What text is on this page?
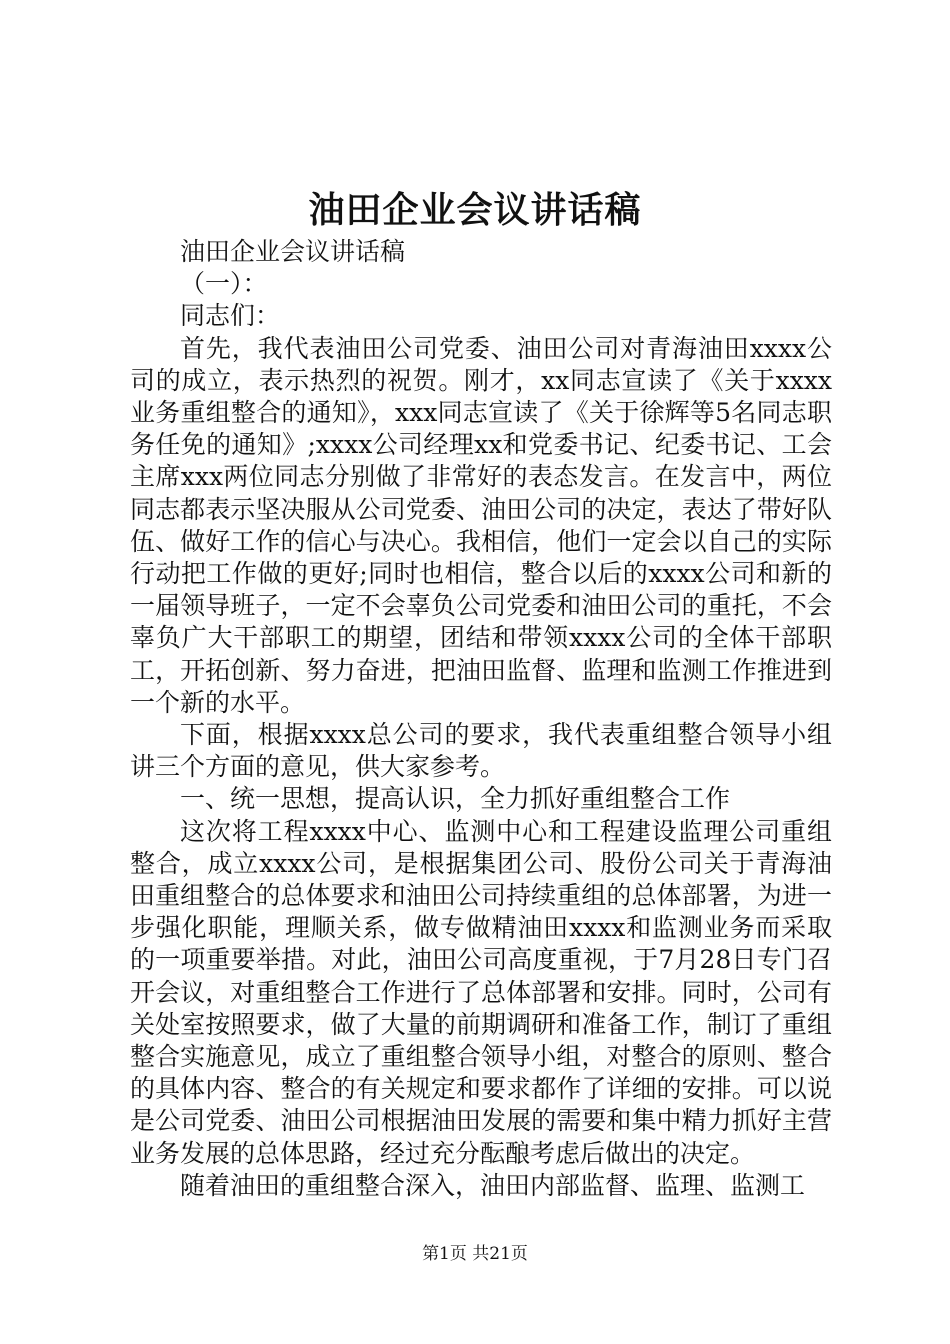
油田企业会议讲话稿

油田企业会议讲话稿

（一）：

同志们：

首先，我代表油田公司党委、油田公司对青海油田xxxx公司的成立，表示热烈的祝贺。刚才，xx同志宣读了《关于xxxx业务重组整合的通知》，xxx同志宣读了《关于徐辉等5名同志职务任免的通知》;xxxx公司经理xx和党委书记、纪委书记、工会主席xxx两位同志分别做了非常好的表态发言。在发言中，两位同志都表示坚决服从公司党委、油田公司的决定，表达了带好队伍、做好工作的信心与决心。我相信，他们一定会以自己的实际行动把工作做的更好;同时也相信，整合以后的xxxx公司和新的一届领导班子，一定不会辜负公司党委和油田公司的重托，不会辜负广大干部职工的期望，团结和带领xxxx公司的全体干部职工，开拓创新、努力奋进，把油田监督、监理和监测工作推进到一个新的水平。

下面，根据xxxx总公司的要求，我代表重组整合领导小组讲三个方面的意见，供大家参考。

一、统一思想，提高认识，全力抓好重组整合工作

这次将工程xxxx中心、监测中心和工程建设监理公司重组整合，成立xxxx公司，是根据集团公司、股份公司关于青海油田重组整合的总体要求和油田公司持续重组的总体部署，为进一步强化职能，理顺关系，做专做精油田xxxx和监测业务而采取的一项重要举措。对此，油田公司高度重视，于7月28日专门召开会议，对重组整合工作进行了总体部署和安排。同时，公司有关处室按照要求，做了大量的前期调研和准备工作，制订了重组整合实施意见，成立了重组整合领导小组，对整合的原则、整合的具体内容、整合的有关规定和要求都作了详细的安排。可以说是公司党委、油田公司根据油田发展的需要和集中精力抓好主营业务发展的总体思路，经过充分酝酿考虑后做出的决定。

随着油田的重组整合深入，油田内部监督、监理、监测工

第1页 共21页
